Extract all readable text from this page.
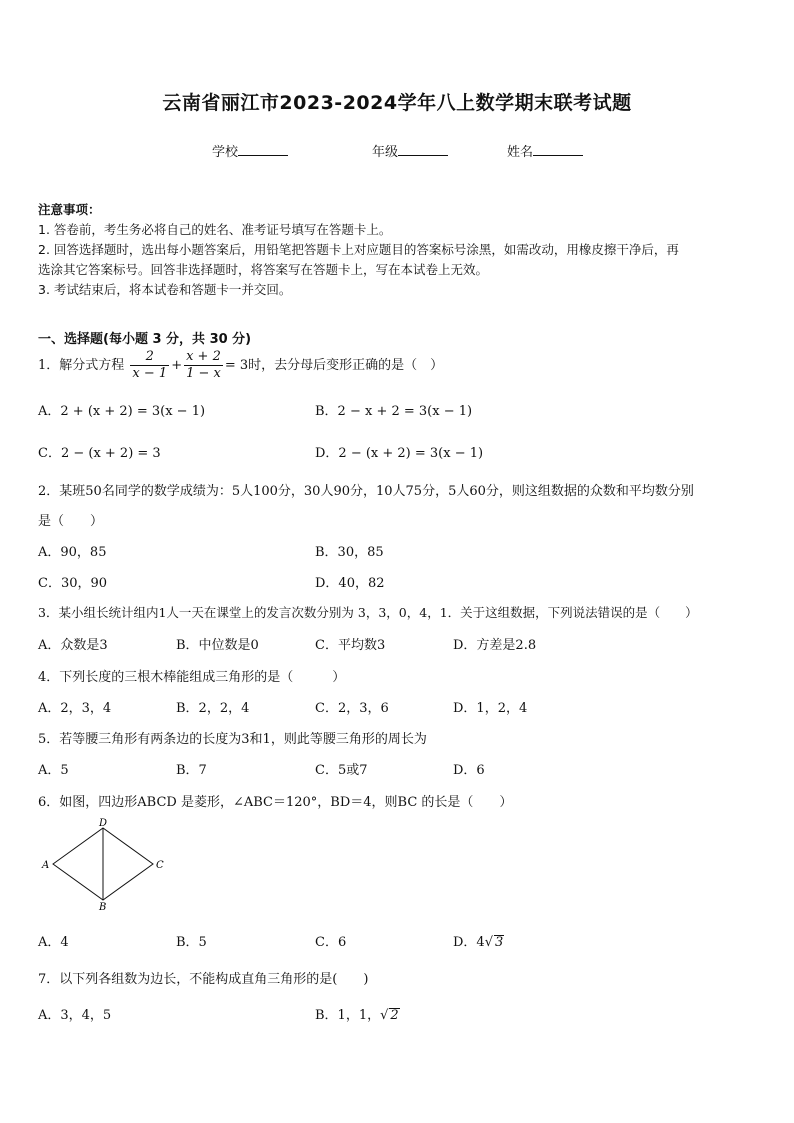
云南省丽江市2023-2024学年八上数学期末联考试题
学校	年级	姓名
注意事项：
1. 答卷前，考生务必将自己的姓名、准考证号填写在答题卡上。
2. 回答选择题时，选出每小题答案后，用铅笔把答题卡上对应题目的答案标号涂黑，如需改动，用橡皮擦干净后，再
选涂其它答案标号。回答非选择题时，将答案写在答题卡上，写在本试卷上无效。
3. 考试结束后，将本试卷和答题卡一并交回。
一、选择题(每小题 3 分，共 30 分)
1．解分式方程 $\frac{2}{x - 1} + \frac{x + 2}{1 - x} = 3$时，去分母后变形正确的是（　）
A．2 + (x + 2) = 3(x − 1)	B．2 − x + 2 = 3(x − 1)
C．2 − (x + 2) = 3	D．2 − (x + 2) = 3(x − 1)
2．某班50名同学的数学成绩为：5人100分，30人90分，10人75分，5人60分，则这组数据的众数和平均数分别
是（　　）
A．90，85	B．30，85
C．30，90	D．40，82
3．某小组长统计组内1人一天在课堂上的发言次数分别为 3，3，0，4，1．关于这组数据，下列说法错误的是（　　）
A．众数是3	B．中位数是0	C．平均数3	D．方差是2.8
4．下列长度的三根木棒能组成三角形的是（　　　）
A．2，3，4	B．2，2，4	C．2，3，6	D．1，2，4
5．若等腰三角形有两条边的长度为3和1，则此等腰三角形的周长为
A．5	B．7	C．5或7	D．6
6．如图，四边形ABCD 是菱形，∠ABC＝120°，BD＝4，则BC 的长是（　　）
A
D
C
B
A．4	B．5	C．6	D．4√ 3
7．以下列各组数为边长，不能构成直角三角形的是(　　)
A．3，4，5	B．1，1，√ 2
